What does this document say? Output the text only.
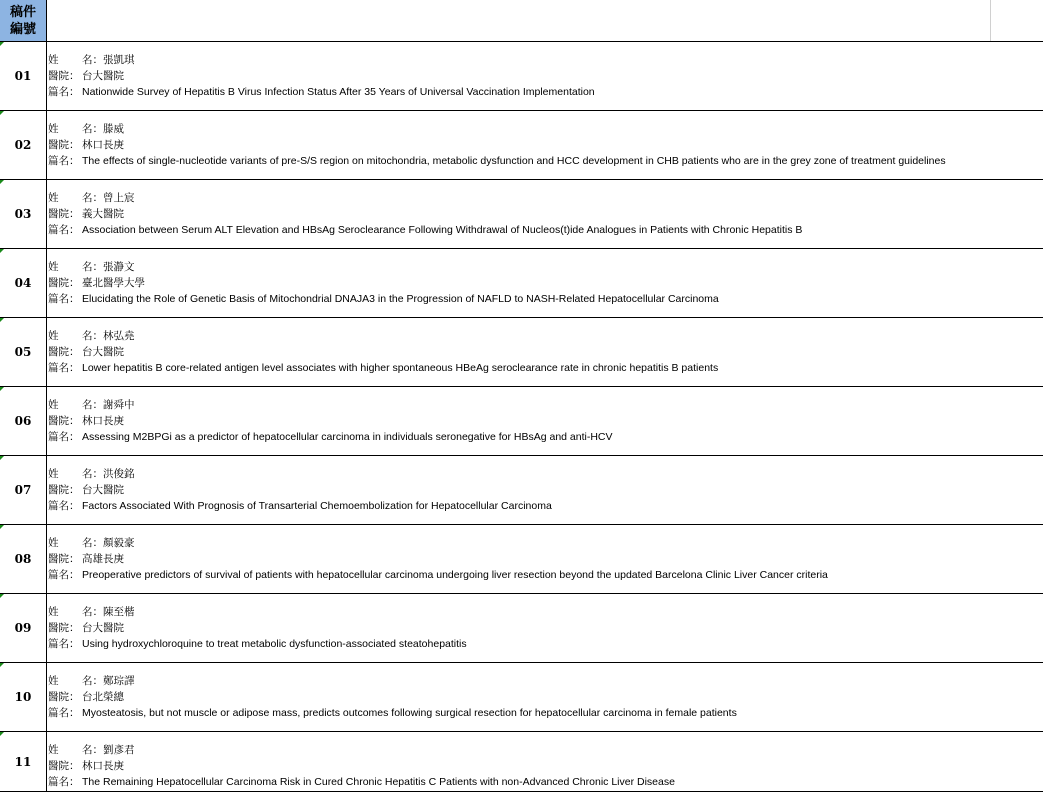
稿件編號
01
姓 名：張凱琪
醫院： 台大醫院
篇名： Nationwide Survey of Hepatitis B Virus Infection Status After 35 Years of Universal Vaccination Implementation
02
姓 名：滕威
醫院： 林口長庚
篇名： The effects of single-nucleotide variants of pre-S/S region on mitochondria, metabolic dysfunction and HCC development in CHB patients who are in the grey zone of treatment guidelines
03
姓 名：曾上宸
醫院： 義大醫院
篇名： Association between Serum ALT Elevation and HBsAg Seroclearance Following Withdrawal of Nucleos(t)ide Analogues in Patients with Chronic Hepatitis B
04
姓 名：張瀞文
醫院： 臺北醫學大學
篇名： Elucidating the Role of Genetic Basis of Mitochondrial DNAJA3 in the Progression of NAFLD to NASH-Related Hepatocellular Carcinoma
05
姓 名：林弘堯
醫院： 台大醫院
篇名： Lower hepatitis B core-related antigen level associates with higher spontaneous HBeAg seroclearance rate in chronic hepatitis B patients
06
姓 名：謝舜中
醫院： 林口長庚
篇名： Assessing M2BPGi as a predictor of hepatocellular carcinoma in individuals seronegative for HBsAg and anti-HCV
07
姓 名：洪俊銘
醫院： 台大醫院
篇名： Factors Associated With Prognosis of Transarterial Chemoembolization for Hepatocellular Carcinoma
08
姓 名：顏毅豪
醫院： 高雄長庚
篇名： Preoperative predictors of survival of patients with hepatocellular carcinoma undergoing liver resection beyond the updated Barcelona Clinic Liver Cancer criteria
09
姓 名：陳至楷
醫院： 台大醫院
篇名： Using hydroxychloroquine to treat metabolic dysfunction-associated steatohepatitis
10
姓 名：鄭琮譯
醫院： 台北榮總
篇名： Myosteatosis, but not muscle or adipose mass, predicts outcomes following surgical resection for hepatocellular carcinoma in female patients
11
姓 名：劉彥君
醫院： 林口長庚
篇名： The Remaining Hepatocellular Carcinoma Risk in Cured Chronic Hepatitis C Patients with non-Advanced Chronic Liver Disease
